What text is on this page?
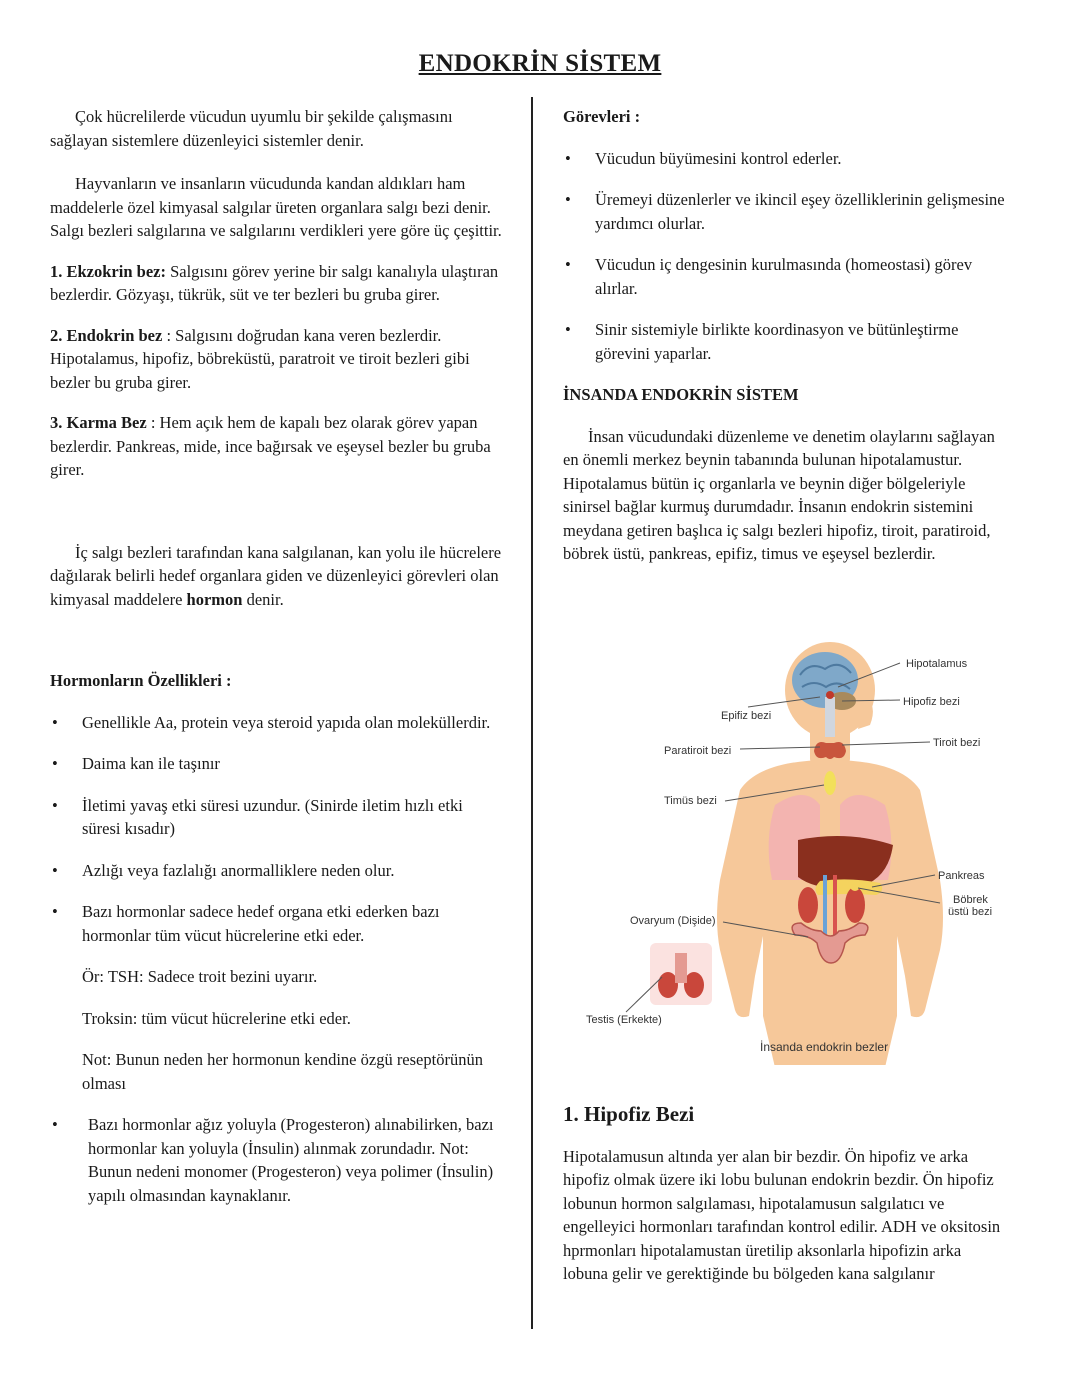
ENDOKRİN SİSTEM

Çok hücrelilerde vücudun uyumlu bir şekilde çalışmasını sağlayan sistemlere düzenleyici sistemler denir.

Hayvanların ve insanların vücudunda kandan aldıkları ham maddelerle özel kimyasal salgılar üreten organlara salgı bezi denir. Salgı bezleri salgılarına ve salgılarını verdikleri yere göre üç çeşittir.

1. Ekzokrin bez: Salgısını görev yerine bir salgı kanalıyla ulaştıran bezlerdir. Gözyaşı, tükrük, süt ve ter bezleri bu gruba girer.

2. Endokrin bez : Salgısını doğrudan kana veren bezlerdir. Hipotalamus, hipofiz, böbreküstü, paratroit ve tiroit bezleri gibi bezler bu gruba girer.

3. Karma Bez : Hem açık hem de kapalı bez olarak görev yapan bezlerdir. Pankreas, mide, ince bağırsak ve eşeysel bezler bu gruba girer.

İç salgı bezleri tarafından kana salgılanan, kan yolu ile hücrelere dağılarak belirli hedef organlara giden ve düzenleyici görevleri olan kimyasal maddelere hormon denir.

Hormonların Özellikleri :

• Genellikle Aa, protein veya steroid yapıda olan moleküllerdir.
• Daima kan ile taşınır
• İletimi yavaş etki süresi uzundur. (Sinirde iletim hızlı etki süresi kısadır)
• Azlığı veya fazlalığı anormalliklere neden olur.
• Bazı hormonlar sadece hedef organa etki ederken bazı hormonlar tüm vücut hücrelerine etki eder.

Ör: TSH: Sadece troit bezini uyarır.

Troksin: tüm vücut hücrelerine etki eder.

Not: Bunun neden her hormonun kendine özgü reseptörünün olması

• Bazı hormonlar ağız yoluyla (Progesteron) alınabilirken, bazı hormonlar kan yoluyla (İnsulin) alınmak zorundadır. Not: Bunun nedeni monomer (Progesteron) veya polimer (İnsulin) yapılı olmasından kaynaklanır.

Görevleri :

• Vücudun büyümesini kontrol ederler.
• Üremeyi düzenlerler ve ikincil eşey özelliklerinin gelişmesine yardımcı olurlar.
• Vücudun iç dengesinin kurulmasında (homeostasi) görev alırlar.
• Sinir sistemiyle birlikte koordinasyon ve bütünleştirme görevini yaparlar.

İNSANDA ENDOKRİN SİSTEM

İnsan vücudundaki düzenleme ve denetim olaylarını sağlayan en önemli merkez beynin tabanında bulunan hipotalamustur. Hipotalamus bütün iç organlarla ve beynin diğer bölgeleriyle sinirsel bağlar kurmuş durumdadır. İnsanın endokrin sistemini meydana getiren başlıca iç salgı bezleri hipofiz, tiroit, paratiroid, böbrek üstü, pankreas, epifiz, timus ve eşeysel bezlerdir.

Hipotalamus
Hipofiz bezi
Epifiz bezi
Paratiroit bezi
Tiroit bezi
Timüs bezi
Pankreas
Böbrek
üstü bezi
Ovaryum (Dişide)
Testis (Erkekte)
İnsanda endokrin bezler

1. Hipofiz Bezi

Hipotalamusun altında yer alan bir bezdir. Ön hipofiz ve arka hipofiz olmak üzere iki lobu bulunan endokrin bezdir. Ön hipofiz lobunun hormon salgılaması, hipotalamusun salgılatıcı ve engelleyici hormonları tarafından kontrol edilir. ADH ve oksitosin hprmonları hipotalamustan üretilip aksonlarla hipofizin arka lobuna gelir ve gerektiğinde bu bölgeden kana salgılanır
